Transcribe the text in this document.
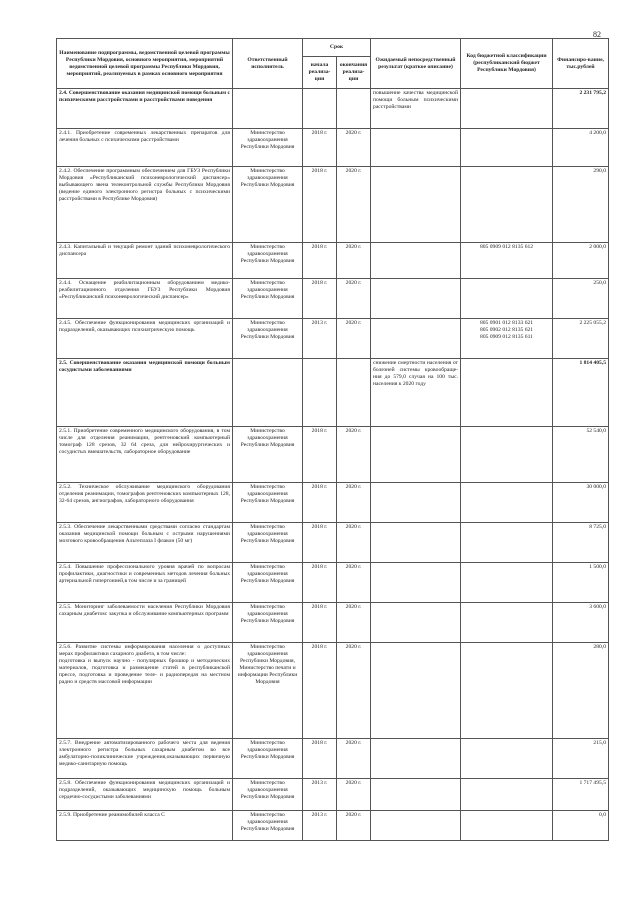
82
Наименование подпрограммы, ведомственной целевой программы Республики Мордовия, основного мероприятия, мероприятий ведомственной целевой программы Республики Мордовия, мероприятий, реализуемых в рамках основного мероприятия	Ответственный исполнитель	Срок		Ожидаемый непосредственный результат (краткое описание)	Код бюджетной классификации (республиканский бюджет Республики Мордовия)	Финансиро-вание, тыс.рублей
		начала реализа-ции	окончания реализа-ции			
2.4. Совершенствование оказания медицинской помощи больным с психическими расстройствами и расстройствами поведения				повышение качества медицинской помощи больным психическими расстройствами		2 231 795,2
2.4.1. Приобретение современных лекарственных препаратов для лечения больных с психическими расстройствами	Министерство здравоохранения Республики Мордовия	2018 г.	2020 г.			4 200,0
2.4.2. Обеспечение программным обеспечением для ГБУЗ Республики Мордовия «Республиканский психоневрологический диспансер» выбывающего звена телеконтрольной службы Республики Мордовия (ведение единого электронного регистра больных с психическими расстройствами в Республике Мордовия)	Министерство здравоохранения Республики Мордовия	2018 г.	2020 г.			290,0
2.4.3. Капитальный и текущий ремонт зданий психоневрологического диспансера	Министерство здравоохранения Республики Мордовия	2018 г.	2020 г.		805 0909 012 8135 612	2 000,0
2.4.4. Оснащение реабилитационным оборудованием медико-реабилитационного отделения ГБУЗ Республики Мордовия «Республиканский психоневрологический диспансер»	Министерство здравоохранения Республики Мордовия	2018 г.	2020 г.			250,0
2.4.5. Обеспечение функционирования медицинских организаций и подразделений, оказывающих психиатрическую помощь	Министерство здравоохранения Республики Мордовия	2013 г.	2020 г.		805 0901 012 8133 621
805 0902 012 8135 621
805 0909 012 8135 611	2 225 055,2
2.5. Совершенствование оказания медицинской помощи больным сосудистыми заболеваниями				снижение смертности населения от болезней системы кровообраще-ния до 579,0 случая на 100 тыс. населения к 2020 году		1 814 405,5
2.5.1. Приобретение современного медицинского оборудования, в том числе для отделения реанимации, рентгеновский компьютерный томограф 128 срезов, 32 64 среза, для нейрохирургических и сосудистых вмешательств, лабораторное оборудование	Министерство здравоохранения Республики Мордовия	2018 г.	2020 г.			52 540,0
2.5.2. Техническое обслуживание медицинского оборудования отделения реанимации, томографов рентгеновских компьютерных 128, 32-64 срезов, ангиографов, лабораторного оборудования	Министерство здравоохранения Республики Мордовия	2018 г.	2020 г.			30 000,0
2.5.3. Обеспечение лекарственными средствами согласно стандартам оказания медицинской помощи больным с острыми нарушениями мозгового кровообращения Альтеплаза I флакон (50 мг)	Министерство здравоохранения Республики Мордовия	2018 г.	2020 г.			8 725,0
2.5.4. Повышение профессионального уровня врачей по вопросам профилактики, диагностики и современных методов лечения больных артериальной гипертонией,в том числе и за границей	Министерство здравоохранения Республики Мордовия	2018 г.	2020 г.			1 500,0
2.5.5. Мониторинг заболеваемости населения Республики Мордовия сахарным диабетом: закупка и обслуживание компьютерных программ	Министерство здравоохранения Республики Мордовия	2018 г.	2020 г.			3 600,0
2.5.6. Развитие системы информирования населения о доступных мерах профилактики сахарного диабета, в том числе:
подготовка и выпуск научно - популярных брошюр и методических материалов, подготовка и размещение статей в республиканской прессе, подготовка и проведение теле- и радиопередач на местном радио и средств массовой информации	Министерство здравоохранения Республики Мордовия,
Министерство печати и информации Республики Мордовия	2018 г.	2020 г.			280,0
2.5.7. Внедрение автоматизированного рабочего места для ведения электронного регистра больных сахарным диабетом во все амбулаторно-поликлинические учреждения,оказывающих первичную медико-санитарную помощь	Министерство здравоохранения Республики Мордовия	2018 г.	2020 г.			215,0
2.5.8. Обеспечение функционирования медицинских организаций и подразделений, оказывающих медицинскую помощь больным сердечно-сосудистыми заболеваниями	Министерство здравоохранения Республики Мордовия	2013 г.	2020 г.			1 717 495,5
2.5.9. Приобретение реанимобилей класса С	Министерство здравоохранения Республики Мордовия	2013 г.	2020 г.			0,0
